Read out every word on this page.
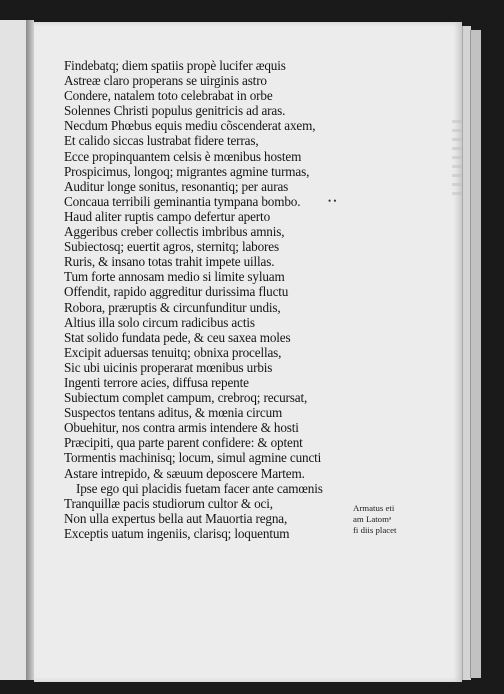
Findebatq; diem spatiis propè lucifer æquis
Astreæ claro properans se uirginis astro
Condere, natalem toto celebrabat in orbe
Solennes Christi populus genitricis ad aras.
Necdum Phœbus equis mediu cõscenderat axem,
Et calido siccas lustrabat fidere terras,
Ecce propinquantem celsis è mœnibus hostem
Prospicimus, longoq; migrantes agmine turmas,
Auditur longe sonitus, resonantiq; per auras
Concaua terribili geminantia tympana bombo.
Haud aliter ruptis campo defertur aperto
Aggeribus creber collectis imbribus amnis,
Subiectosq; euertit agros, sternitq; labores
Ruris, & insano totas trahit impete uillas.
Tum forte annosam medio si limite syluam
Offendit, rapido aggreditur durissima fluctu
Robora, præruptis & circunfunditur undis,
Altius illa solo circum radicibus actis
Stat solido fundata pede, & ceu saxea moles
Excipit aduersas tenuitq; obnixa procellas,
Sic ubi uicinis properarat mœnibus urbis
Ingenti terrore acies, diffusa repente
Subiectum complet campum, crebroq; recursat,
Suspectos tentans aditus, & mœnia circum
Obuehitur, nos contra armis intendere & hosti
Præcipiti, qua parte parent confidere: & optent
Tormentis machinisq; locum, simul agmine cuncti
Astare intrepido, & sæuum deposcere Martem.
Ipse ego qui placidis fuetam facer ante camœnis
Tranquillæ pacis studiorum cultor & oci,
Non ulla expertus bella aut Mauortia regna,
Exceptis uatum ingeniis, clarisq; loquentum
• •
Armatus eti
am Latomᵃ
fi diis placet
